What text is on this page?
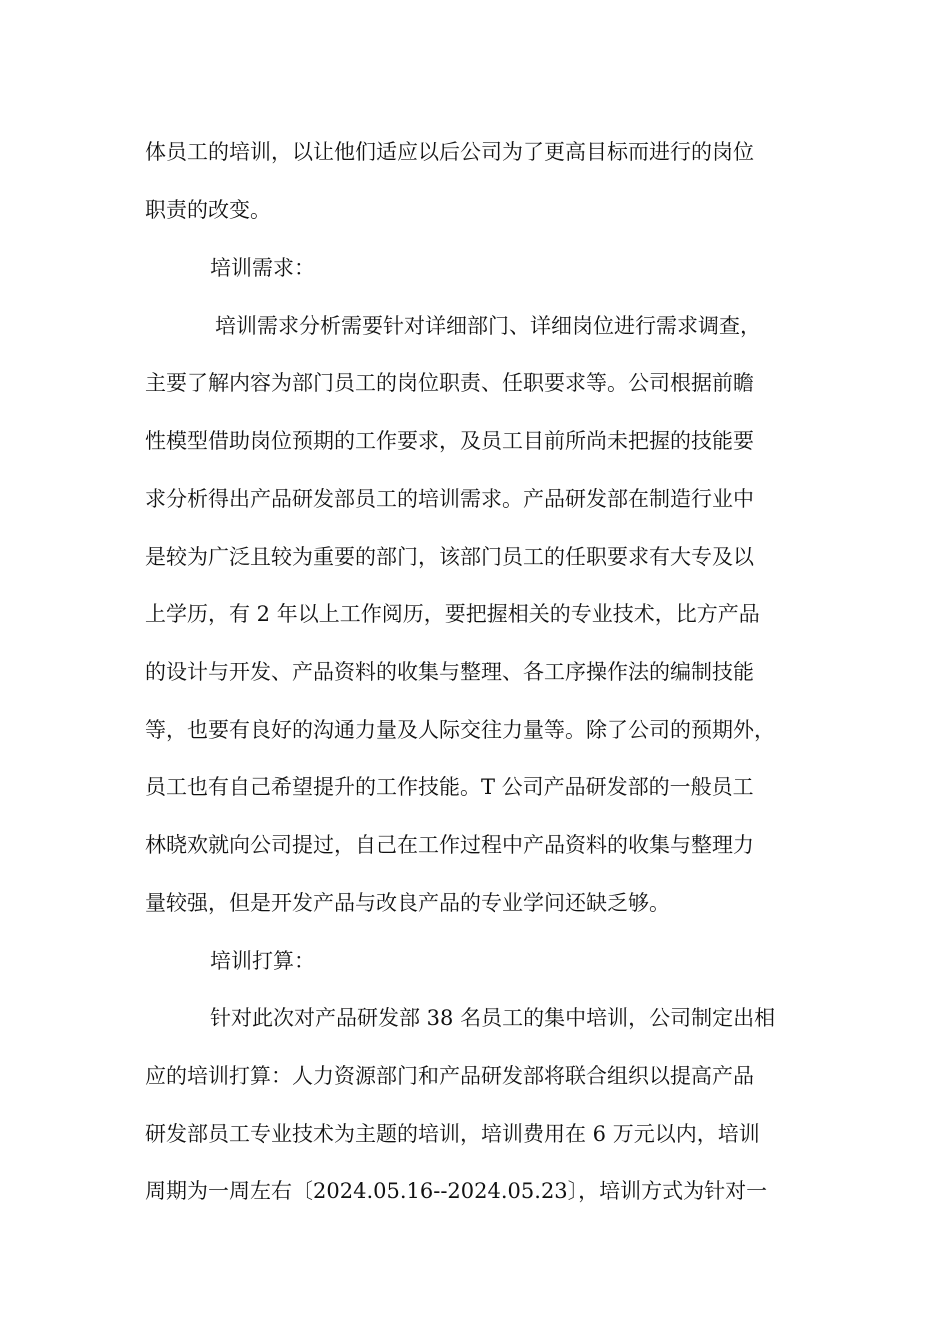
体员工的培训，以让他们适应以后公司为了更高目标而进行的岗位

职责的改变。

培训需求：

培训需求分析需要针对详细部门、详细岗位进行需求调查，

主要了解内容为部门员工的岗位职责、任职要求等。公司根据前瞻

性模型借助岗位预期的工作要求，及员工目前所尚未把握的技能要

求分析得出产品研发部员工的培训需求。产品研发部在制造行业中

是较为广泛且较为重要的部门，该部门员工的任职要求有大专及以

上学历，有 2 年以上工作阅历，要把握相关的专业技术，比方产品

的设计与开发、产品资料的收集与整理、各工序操作法的编制技能

等，也要有良好的沟通力量及人际交往力量等。除了公司的预期外，

员工也有自己希望提升的工作技能。T 公司产品研发部的一般员工

林晓欢就向公司提过，自己在工作过程中产品资料的收集与整理力

量较强，但是开发产品与改良产品的专业学问还缺乏够。

培训打算：

针对此次对产品研发部 38 名员工的集中培训，公司制定出相

应的培训打算：人力资源部门和产品研发部将联合组织以提高产品

研发部员工专业技术为主题的培训，培训费用在 6 万元以内，培训

周期为一周左右〔2024.05.16--2024.05.23〕，培训方式为针对一
